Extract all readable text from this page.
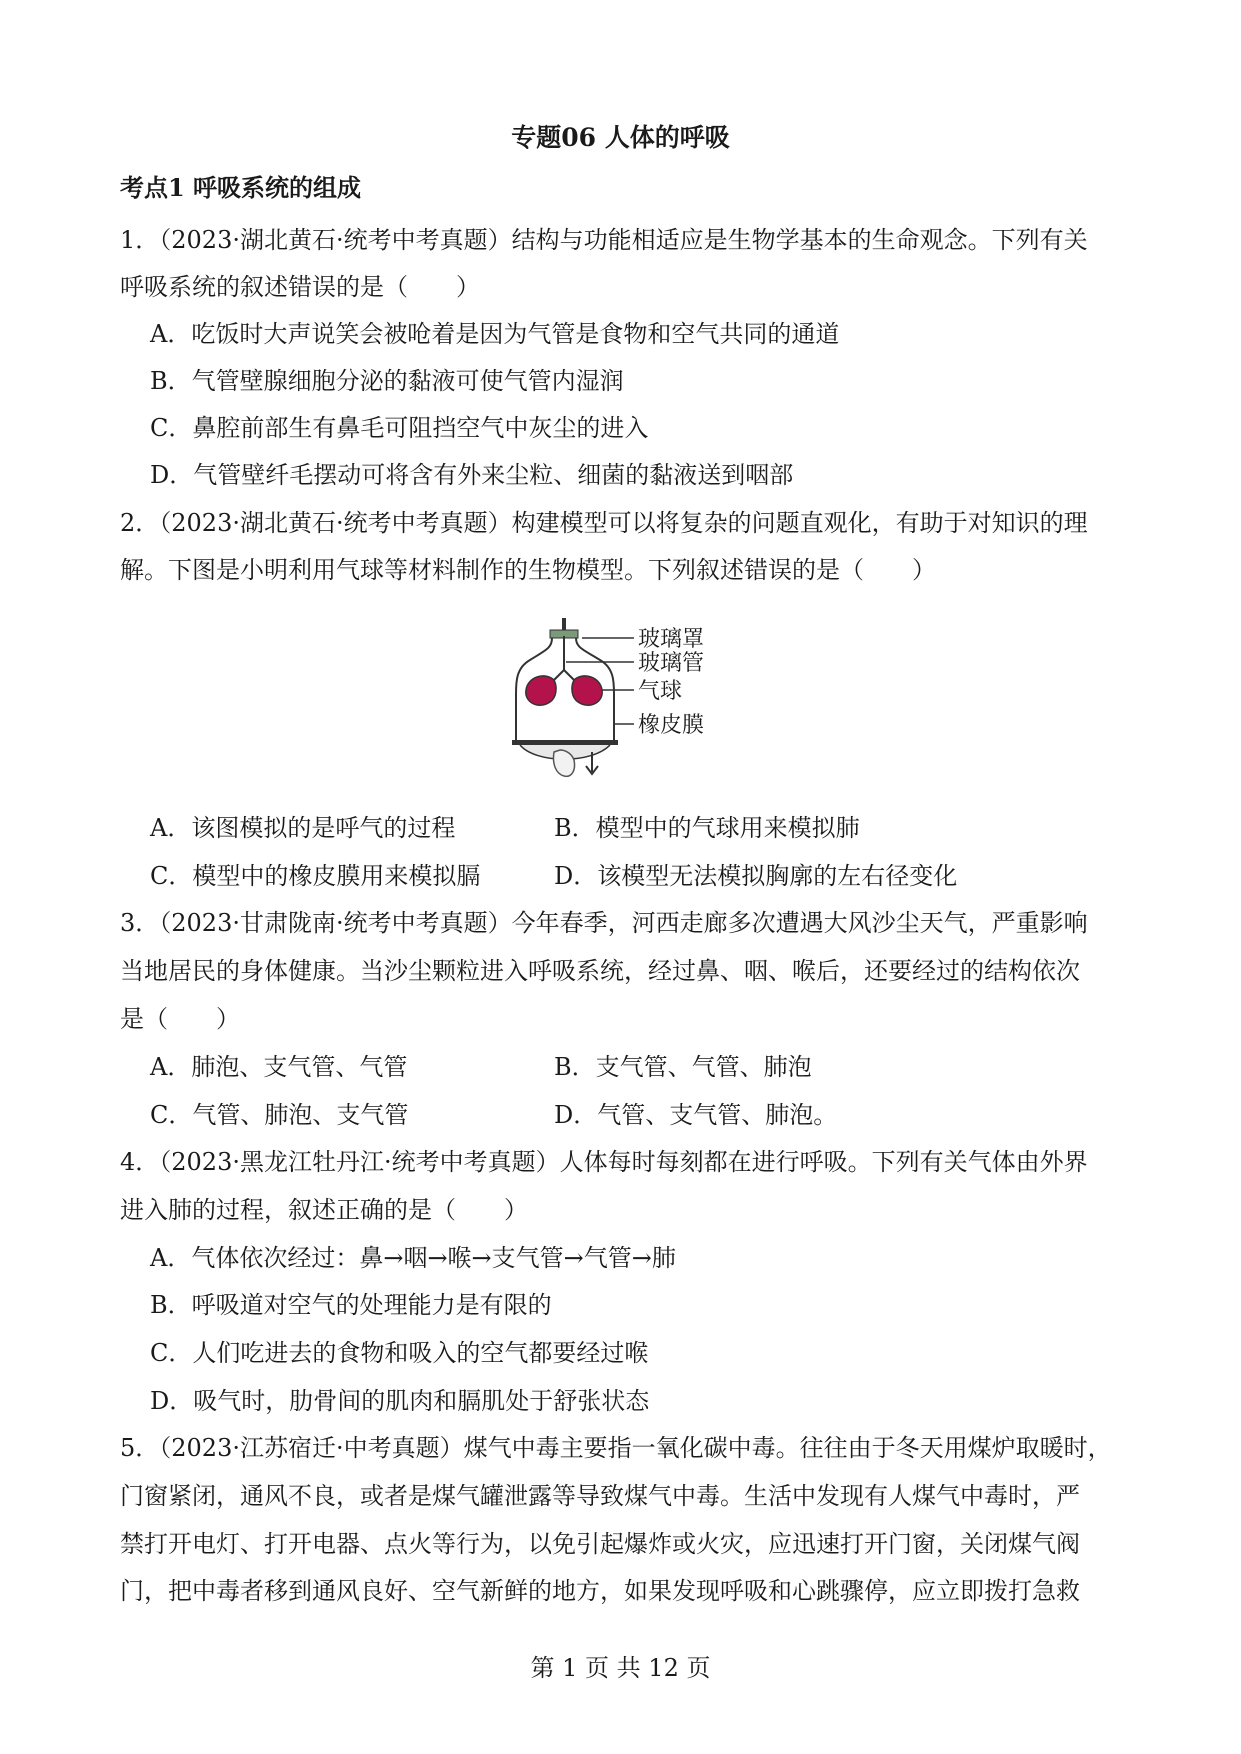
专题06 人体的呼吸
考点1 呼吸系统的组成
1．（2023·湖北黄石·统考中考真题）结构与功能相适应是生物学基本的生命观念。下列有关
呼吸系统的叙述错误的是（　　）
A．吃饭时大声说笑会被呛着是因为气管是食物和空气共同的通道
B．气管壁腺细胞分泌的黏液可使气管内湿润
C．鼻腔前部生有鼻毛可阻挡空气中灰尘的进入
D．气管壁纤毛摆动可将含有外来尘粒、细菌的黏液送到咽部
2．（2023·湖北黄石·统考中考真题）构建模型可以将复杂的问题直观化，有助于对知识的理
解。下图是小明利用气球等材料制作的生物模型。下列叙述错误的是（　　）
玻璃罩
玻璃管
气球
橡皮膜
A．该图模拟的是呼气的过程	B．模型中的气球用来模拟肺
C．模型中的橡皮膜用来模拟膈	D．该模型无法模拟胸廓的左右径变化
3．（2023·甘肃陇南·统考中考真题）今年春季，河西走廊多次遭遇大风沙尘天气，严重影响
当地居民的身体健康。当沙尘颗粒进入呼吸系统，经过鼻、咽、喉后，还要经过的结构依次
是（　　）
A．肺泡、支气管、气管	B．支气管、气管、肺泡
C．气管、肺泡、支气管	D．气管、支气管、肺泡。
4．（2023·黑龙江牡丹江·统考中考真题）人体每时每刻都在进行呼吸。下列有关气体由外界
进入肺的过程，叙述正确的是（　　）
A．气体依次经过：鼻→咽→喉→支气管→气管→肺
B．呼吸道对空气的处理能力是有限的
C．人们吃进去的食物和吸入的空气都要经过喉
D．吸气时，肋骨间的肌肉和膈肌处于舒张状态
5．（2023·江苏宿迁·中考真题）煤气中毒主要指一氧化碳中毒。往往由于冬天用煤炉取暖时，
门窗紧闭，通风不良，或者是煤气罐泄露等导致煤气中毒。生活中发现有人煤气中毒时，严
禁打开电灯、打开电器、点火等行为，以免引起爆炸或火灾，应迅速打开门窗，关闭煤气阀
门，把中毒者移到通风良好、空气新鲜的地方，如果发现呼吸和心跳骤停，应立即拨打急救
第 1 页 共 12 页
